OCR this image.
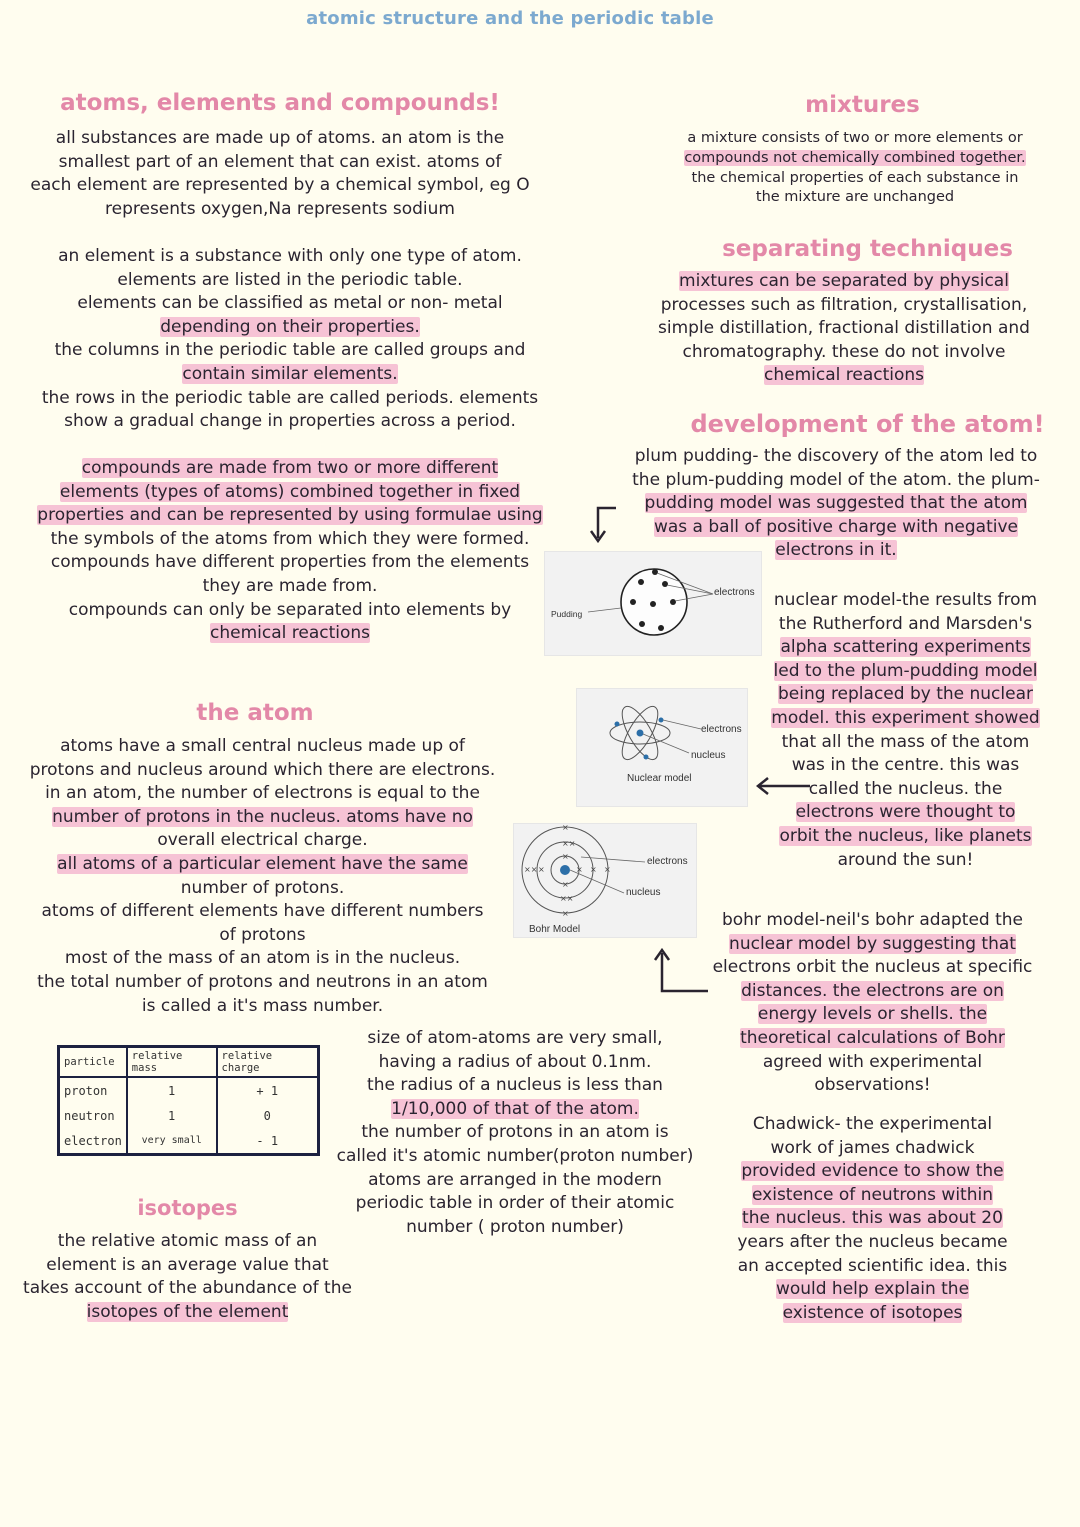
atomic structure and the periodic table
atoms, elements and compounds!
all substances are made up of atoms. an atom is the
smallest part of an element that can exist. atoms of
each element are represented by a chemical symbol, eg O
represents oxygen,Na represents sodium
an element is a substance with only one type of atom.
elements are listed in the periodic table.
elements can be classified as metal or non- metal
depending on their properties.
the columns in the periodic table are called groups and
contain similar elements.
the rows in the periodic table are called periods. elements
show a gradual change in properties across a period.
compounds are made from two or more different
elements (types of atoms) combined together in fixed
properties and can be represented by using formulae using
the symbols of the atoms from which they were formed.
compounds have different properties from the elements
they are made from.
compounds can only be separated into elements by
chemical reactions
the atom
atoms have a small central nucleus made up of
protons and nucleus around which there are electrons.
in an atom, the number of electrons is equal to the
number of protons in the nucleus. atoms have no
overall electrical charge.
all atoms of a particular element have the same
number of protons.
atoms of different elements have different numbers
of protons
most of the mass of an atom is in the nucleus.
the total number of protons and neutrons in an atom
is called a it's mass number.
particle	relative mass	relative charge
proton	1	+ 1
neutron	1	0
electron	very small	- 1
size of atom-atoms are very small,
having a radius of about 0.1nm.
the radius of a nucleus is less than
1/10,000 of that of the atom.
the number of protons in an atom is
called it's atomic number(proton number)
atoms are arranged in the modern
periodic table in order of their atomic
number ( proton number)
isotopes
the relative atomic mass of an
element is an average value that
takes account of the abundance of the
isotopes of the element
mixtures
a mixture consists of two or more elements or
compounds not chemically combined together.
the chemical properties of each substance in
the mixture are unchanged
separating techniques
mixtures can be separated by physical
processes such as filtration, crystallisation,
simple distillation, fractional distillation and
chromatography. these do not involve
chemical reactions
development of the atom!
plum pudding- the discovery of the atom led to
the plum-pudding model of the atom. the plum-
pudding model was suggested that the atom
was a ball of positive charge with negative
electrons in it.
nuclear model-the results from
the Rutherford and Marsden's
alpha scattering experiments
led to the plum-pudding model
being replaced by the nuclear
model. this experiment showed
that all the mass of the atom
was in the centre. this was
called the nucleus. the
electrons were thought to
orbit the nucleus, like planets
around the sun!
bohr model-neil's bohr adapted the
nuclear model by suggesting that
electrons orbit the nucleus at specific
distances. the electrons are on
energy levels or shells. the
theoretical calculations of Bohr
agreed with experimental
observations!
Chadwick- the experimental
work of james chadwick
provided evidence to show the
existence of neutrons within
the nucleus. this was about 20
years after the nucleus became
an accepted scientific idea. this
would help explain the
existence of isotopes
Pudding
electrons
electrons
nucleus
Nuclear model
×
××
×
× × ×
×
××
×
×× ×
electrons
nucleus
Bohr Model
